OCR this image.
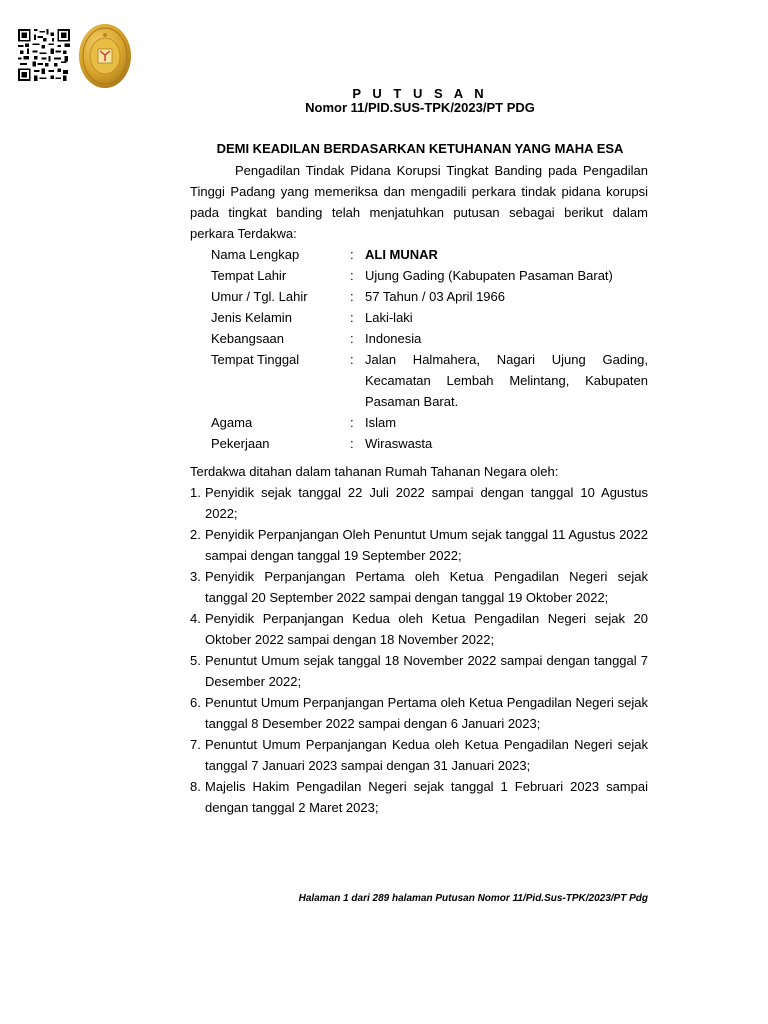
P U T U S A N
Nomor 11/PID.SUS-TPK/2023/PT PDG
DEMI KEADILAN BERDASARKAN KETUHANAN YANG MAHA ESA

Pengadilan Tindak Pidana Korupsi Tingkat Banding pada Pengadilan Tinggi Padang yang memeriksa dan mengadili perkara tindak pidana korupsi pada tingkat banding telah menjatuhkan putusan sebagai berikut dalam perkara Terdakwa:

Nama Lengkap	:	ALI MUNAR
Tempat Lahir	:	Ujung Gading (Kabupaten Pasaman Barat)
Umur / Tgl. Lahir	:	57 Tahun / 03 April 1966
Jenis Kelamin	:	Laki-laki
Kebangsaan	:	Indonesia
Tempat Tinggal	:	Jalan Halmahera, Nagari Ujung Gading, Kecamatan Lembah Melintang, Kabupaten Pasaman Barat.
Agama	:	Islam
Pekerjaan	:	Wiraswasta
Terdakwa ditahan dalam tahanan Rumah Tahanan Negara oleh:
1. Penyidik sejak tanggal 22 Juli 2022 sampai dengan tanggal 10 Agustus 2022;
2. Penyidik Perpanjangan Oleh Penuntut Umum sejak tanggal 11 Agustus 2022 sampai dengan tanggal 19 September 2022;
3. Penyidik Perpanjangan Pertama oleh Ketua Pengadilan Negeri sejak tanggal 20 September 2022 sampai dengan tanggal 19 Oktober 2022;
4. Penyidik Perpanjangan Kedua oleh Ketua Pengadilan Negeri sejak 20 Oktober 2022 sampai dengan 18 November 2022;
5. Penuntut Umum sejak tanggal 18 November 2022 sampai dengan tanggal 7 Desember 2022;
6. Penuntut Umum Perpanjangan Pertama oleh Ketua Pengadilan Negeri sejak tanggal 8 Desember 2022 sampai dengan 6 Januari 2023;
7. Penuntut Umum Perpanjangan Kedua oleh Ketua Pengadilan Negeri sejak tanggal 7 Januari 2023 sampai dengan 31 Januari 2023;
8. Majelis Hakim Pengadilan Negeri sejak tanggal 1 Februari 2023 sampai dengan tanggal 2 Maret 2023;
Halaman 1 dari 289 halaman Putusan Nomor 11/Pid.Sus-TPK/2023/PT Pdg
